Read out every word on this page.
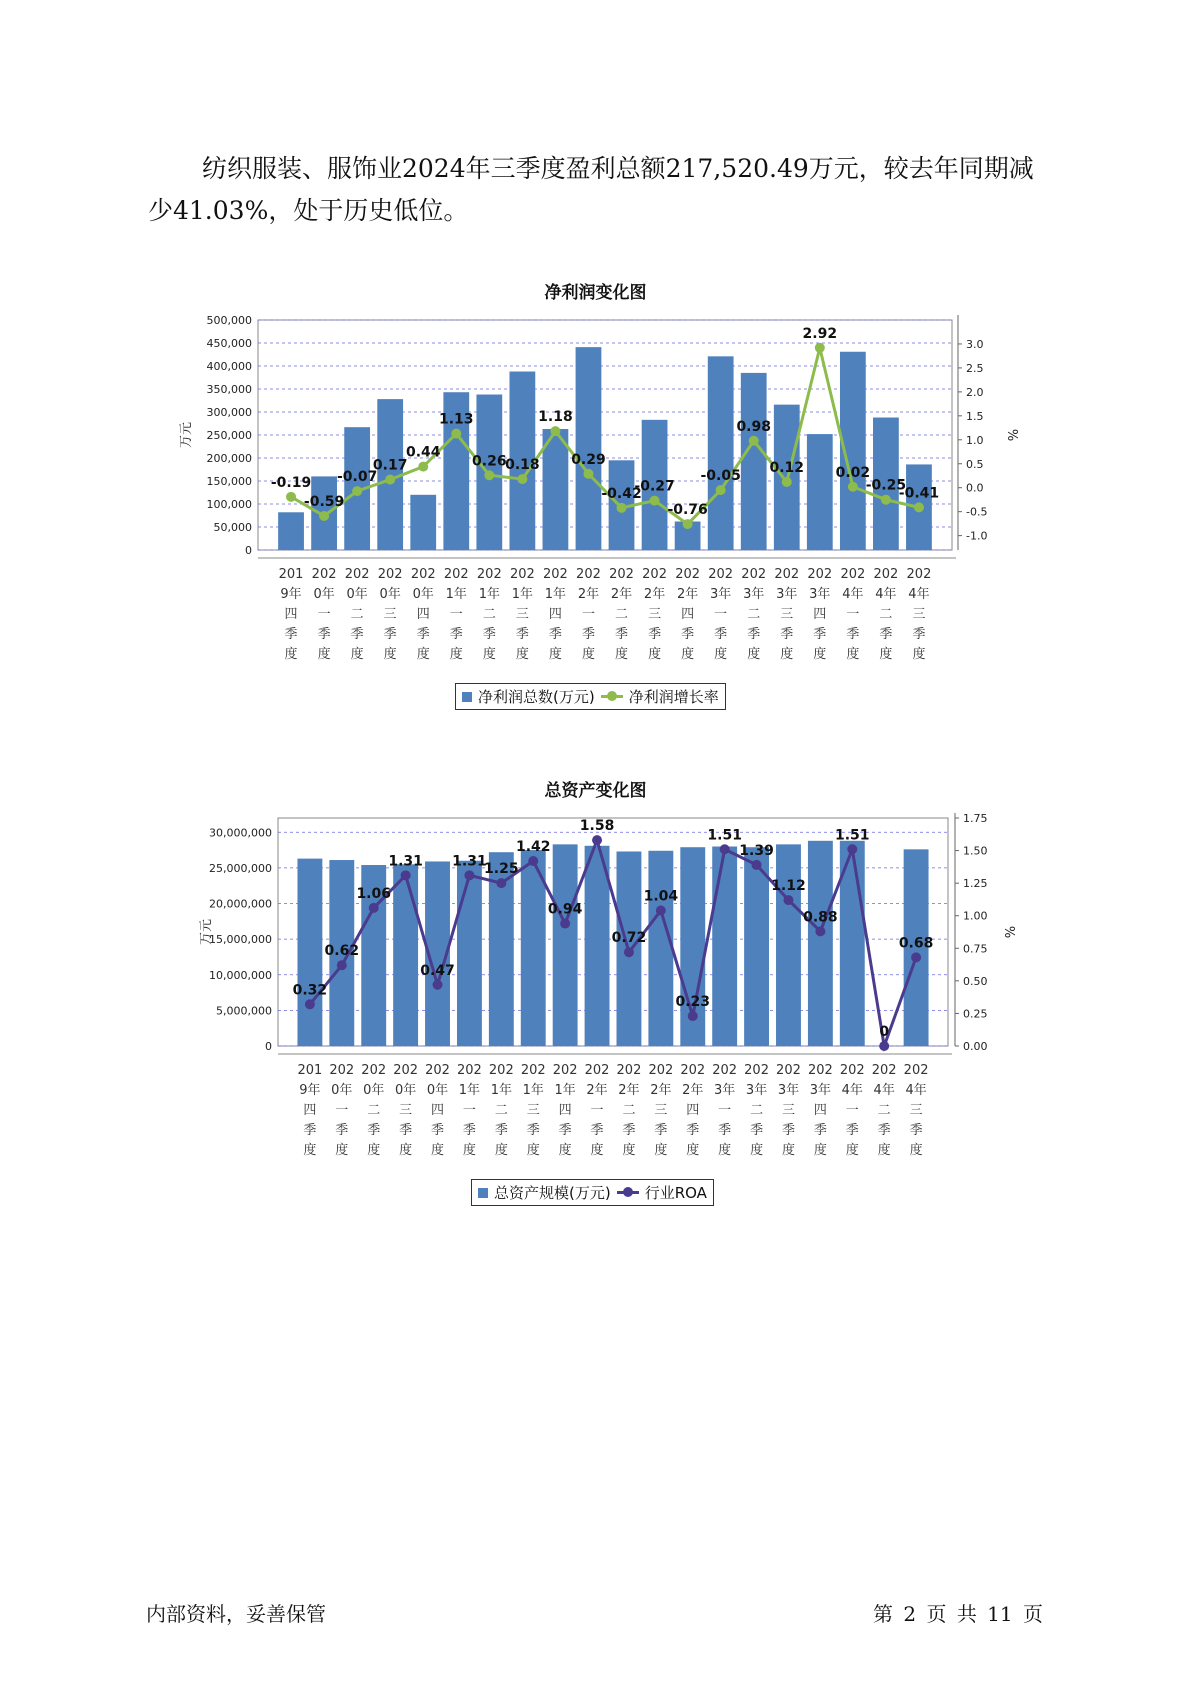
纺织服装、服饰业2024年三季度盈利总额217,520.49万元，较去年同期减少41.03%，处于历史低位。

净利润变化图
0
50,000
100,000
150,000
200,000
250,000
300,000
350,000
400,000
450,000
500,000
-1.0
-0.5
0.0
0.5
1.0
1.5
2.0
2.5
3.0
万元	%
201
9年
四
季
度
202
0年
一
季
度
202
0年
二
季
度
202
0年
三
季
度
202
0年
四
季
度
202
1年
一
季
度
202
1年
二
季
度
202
1年
三
季
度
202
1年
四
季
度
202
2年
一
季
度
202
2年
二
季
度
202
2年
三
季
度
202
2年
四
季
度
202
3年
一
季
度
202
3年
二
季
度
202
3年
三
季
度
202
3年
四
季
度
202
4年
一
季
度
202
4年
二
季
度
202
4年
三
季
度
-0.19
-0.59
-0.07
0.17
0.44
1.13
0.26
0.18
1.18
0.29
-0.42
-0.27
-0.76
-0.05
0.98
0.12
2.92
0.02
-0.25
-0.41
净利润总数(万元) 净利润增长率
总资产变化图
0
5,000,000
10,000,000
15,000,000
20,000,000
25,000,000
30,000,000
0.00
0.25
0.50
0.75
1.00
1.25
1.50
1.75
万元	%
201
9年
四
季
度
202
0年
一
季
度
202
0年
二
季
度
202
0年
三
季
度
202
0年
四
季
度
202
1年
一
季
度
202
1年
二
季
度
202
1年
三
季
度
202
1年
四
季
度
202
2年
一
季
度
202
2年
二
季
度
202
2年
三
季
度
202
2年
四
季
度
202
3年
一
季
度
202
3年
二
季
度
202
3年
三
季
度
202
3年
四
季
度
202
4年
一
季
度
202
4年
二
季
度
202
4年
三
季
度
0.32
0.62
1.06
1.31
0.47
1.31
1.25
1.42
0.94
1.58
0.72
1.04
0.23
1.51
1.39
1.12
0.88
1.51
0
0.68
总资产规模(万元) 行业ROA
内部资料，妥善保管	第 2 页 共 11 页
